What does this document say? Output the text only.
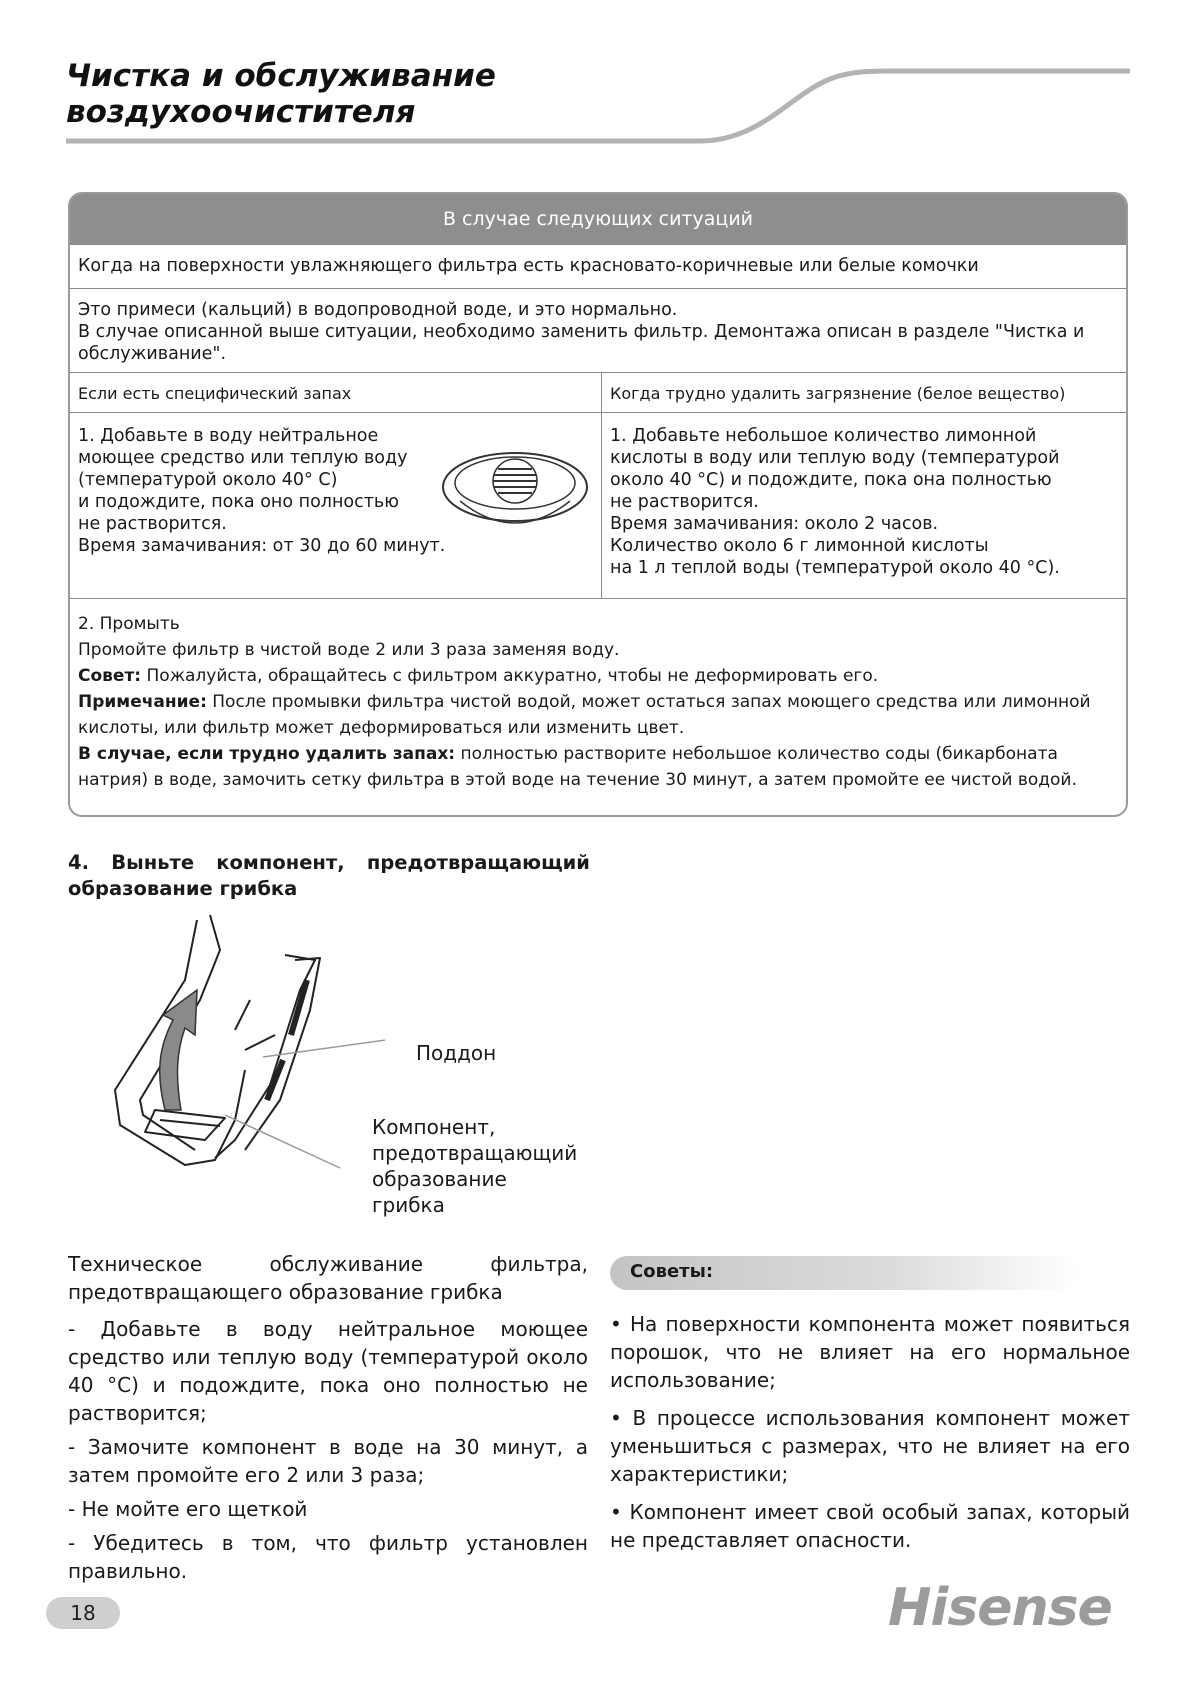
Чистка и обслуживание
воздухоочистителя
В случае следующих ситуаций
Когда на поверхности увлажняющего фильтра есть красновато-коричневые или белые комочки
Это примеси (кальций) в водопроводной воде, и это нормально.
В случае описанной выше ситуации, необходимо заменить фильтр. Демонтажа описан в разделе "Чистка и обслуживание".
Если есть специфический запах	Когда трудно удалить загрязнение (белое вещество)
1. Добавьте в воду нейтральное
моющее средство или теплую воду
(температурой около 40° C)
и подождите, пока оно полностью
не растворится.
Время замачивания: от 30 до 60 минут.
1. Добавьте небольшое количество лимонной
кислоты в воду или теплую воду (температурой
около 40 °C) и подождите, пока она полностью
не растворится.
Время замачивания: около 2 часов.
Количество около 6 г лимонной кислоты
на 1 л теплой воды (температурой около 40 °C).
2. Промыть
Промойте фильтр в чистой воде 2 или 3 раза заменяя воду.
Совет: Пожалуйста, обращайтесь с фильтром аккуратно, чтобы не деформировать его.
Примечание: После промывки фильтра чистой водой, может остаться запах моющего средства или лимонной кислоты, или фильтр может деформироваться или изменить цвет.
В случае, если трудно удалить запах: полностью растворите небольшое количество соды (бикарбоната натрия) в воде, замочить сетку фильтра в этой воде на течение 30 минут, а затем промойте ее чистой водой.
4. Выньте компонент, предотвращающий
образование грибка
Поддон
Компонент,
предотвращающий
образование
грибка
Техническое обслуживание фильтра, предотвращающего образование грибка

- Добавьте в воду нейтральное моющее средство или теплую воду (температурой около 40 °C) и подождите, пока оно полностью не растворится;

- Замочите компонент в воде на 30 минут, а затем промойте его 2 или 3 раза;

- Не мойте его щеткой

- Убедитесь в том, что фильтр установлен правильно.

Советы:

• На поверхности компонента может появиться порошок, что не влияет на его нормальное использование;

• В процессе использования компонент может уменьшиться с размерах, что не влияет на его характеристики;

• Компонент имеет свой особый запах, который не представляет опасности.

18	Hisense
